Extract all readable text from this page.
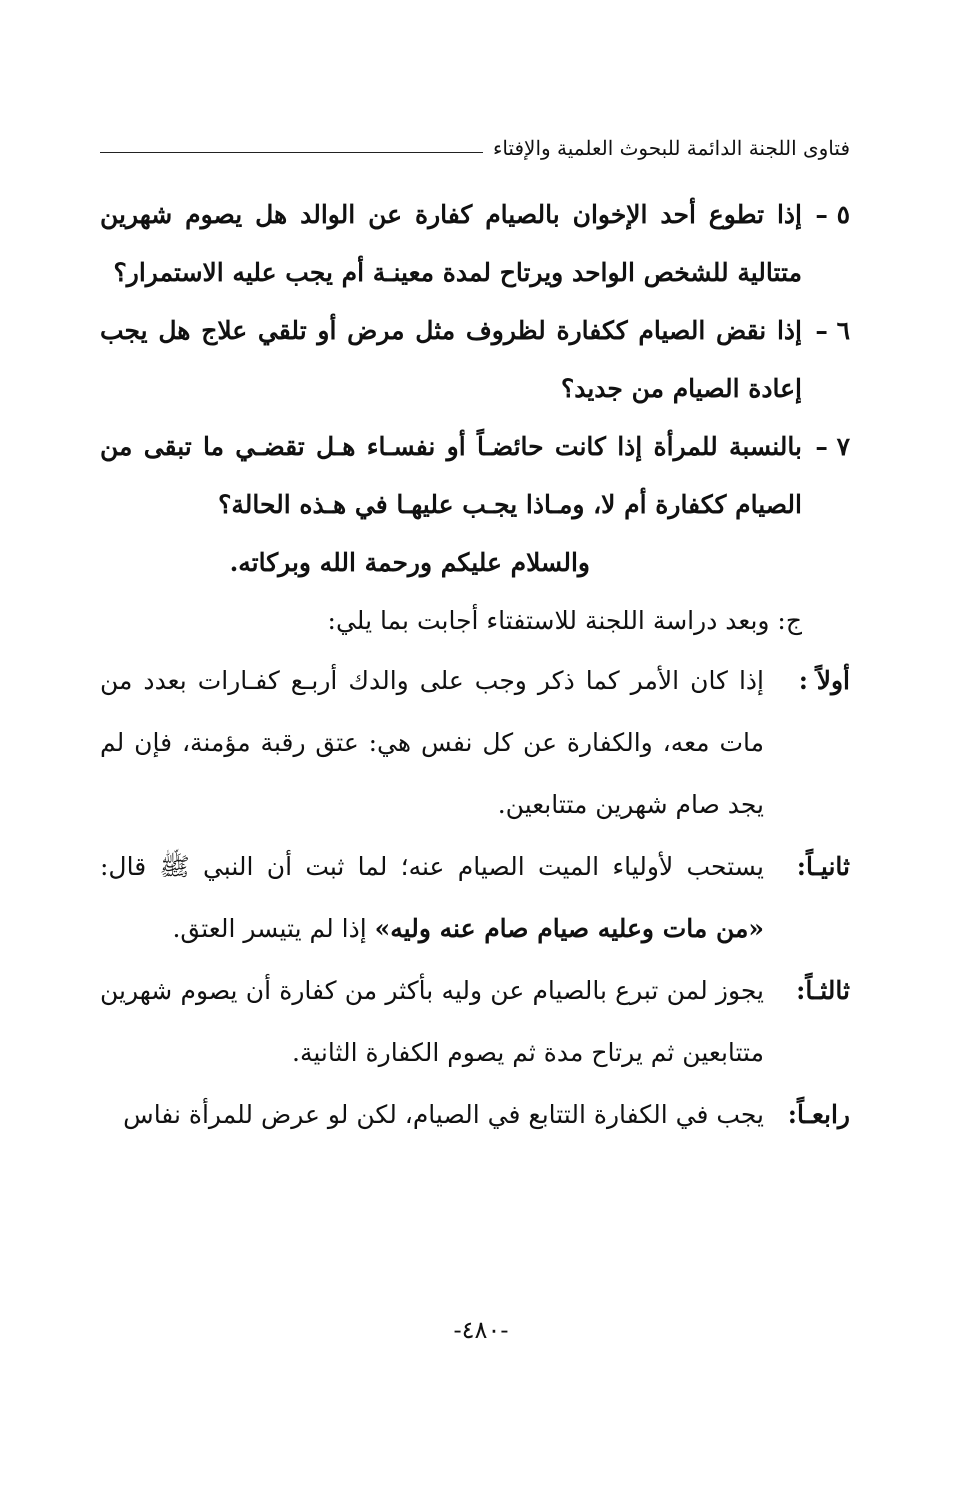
فتاوى اللجنة الدائمة للبحوث العلمية والإفتاء
٥ –
إذا تطوع أحد الإخوان بالصيام كفارة عن الوالد هل يصوم شهرين متتالية للشخص الواحد ويرتاح لمدة معينـة أم يجب عليه الاستمرار؟
٦ –
إذا نقض الصيام ككفارة لظروف مثل مرض أو تلقي علاج هل يجب إعادة الصيام من جديد؟
٧ –
بالنسبة للمرأة إذا كانت حائضـاً أو نفسـاء هـل تقضـي ما تبقى من الصيام ككفارة أم لا، ومـاذا يجـب عليهـا في هـذه الحالة؟
والسلام عليكم ورحمة الله وبركاته.
ج: وبعد دراسة اللجنة للاستفتاء أجابت بما يلي:
أولاً :
إذا كان الأمر كما ذكر وجب على والدك أربـع كفـارات بعدد من مات معه، والكفارة عن كل نفس هي: عتق رقبة مؤمنة، فإن لم يجد صام شهرين متتابعين.
ثانيـاً:
يستحب لأولياء الميت الصيام عنه؛ لما ثبت أن النبي ﷺ قال: «من مات وعليه صيام صام عنه وليه» إذا لم يتيسر العتق.
ثالثـاً:
يجوز لمن تبرع بالصيام عن وليه بأكثر من كفارة أن يصوم شهرين متتابعين ثم يرتاح مدة ثم يصوم الكفارة الثانية.
رابعـاً:
يجب في الكفارة التتابع في الصيام، لكن لو عرض للمرأة نفاس
-٤٨٠-
